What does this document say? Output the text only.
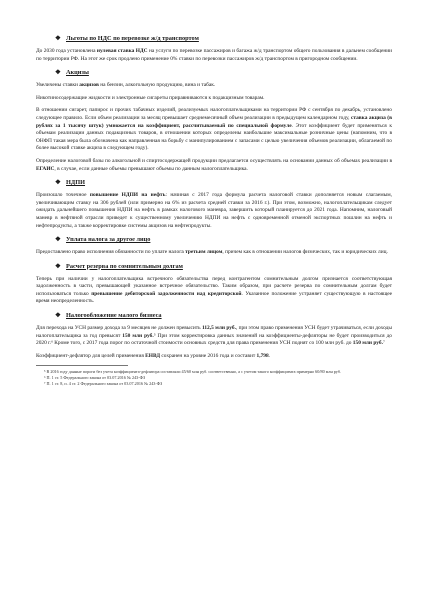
❖ Льготы по НДС по перевозке ж/д транспортом

До 2030 года установлена нулевая ставка НДС на услуги по перевозке пассажиров и багажа ж/д транспортом общего пользования в дальнем сообщении по территории РФ. На этот же срок продлено применение 0% ставки по перевозки пассажиров ж/д транспортом в пригородном сообщении.

❖ Акцизы

Увеличены ставки акцизов на бензин, алкогольную продукцию, вина и табак.

Никотиносодержащие жидкости и электронные сигареты приравниваются к подакцизным товарам.

В отношении сигарет, папирос и прочих табачных изделий, реализуемых налогоплательщиками на территории РФ с сентября по декабрь, установлено следующее правило. Если объем реализации за месяц превышает среднемесячный объем реализации в предыдущем календарном году, ставка акциза (в рублях за 1 тысячу штук) умножается на коэффициент, рассчитываемый по специальной формуле. Этот коэффициент будет применяться к объемам реализации данных подакцизных товаров, в отношении которых определены наибольшие максимальные розничные цены (напомним, что в ОНФП такая мера была обозначена как направленная на борьбу с манипулированием с запасами с целью увеличения объемов реализации, облагаемой по более высокой ставке акциза в следующем году).

Определение налоговой базы по алкогольной и спиртосодержащей продукции предлагается осуществлять на основании данных об объемах реализации в ЕГАИС, в случае, если данные объемы превышают объемы по данным налогоплательщика.

❖ НДПИ

Произошло точечное повышение НДПИ на нефть: начиная с 2017 года формула расчета налоговой ставки дополняется новым слагаемым, увеличивающим ставку на 306 рублей (или примерно на 6% из расчета средней ставки за 2016 г.). При этом, возможно, налогоплательщикам следует ожидать дальнейшего повышения НДПИ на нефть в рамках налогового маневра, завершить который планируется до 2021 года. Напомним, налоговый маневр в нефтяной отрасли приведет к существенному увеличению НДПИ на нефть с одновременной отменой экспортных пошлин на нефть и нефтепродукты, а также корректировке системы акцизов на нефтепродукты.

❖ Уплата налога за другое лицо

Предоставлено право исполнения обязанности по уплате налога третьим лицом, причем как в отношении налогов физических, так и юридических лиц.

❖ Расчет резерва по сомнительным долгам

Теперь при наличии у налогоплательщика встречного обязательства перед контрагентом сомнительным долгом признается соответствующая задолженность в части, превышающей указанное встречное обязательство. Таким образом, при расчете резерва по сомнительным долгам будет использоваться только превышение дебиторской задолженности над кредиторской. Указанное положение устраняет существующую в настоящее время неопределенность.

❖ Налогообложение малого бизнеса

Для перехода на УСН размер дохода за 9 месяцев не должен превысить 112,5 млн руб., при этом право применения УСН будет утрачиваться, если доходы налогоплательщика за год превысят 150 млн руб.⁵ При этом корректировка данных значений на коэффициенты-дефляторы не будет производиться до 2020 г.⁶ Кроме того, с 2017 года порог по остаточной стоимости основных средств для права применения УСН поднят со 100 млн руб. до 150 млн руб.⁷

Коэффициент-дефлятор для целей применения ЕНВД сохранен на уровне 2016 года и составит 1,798.

⁵ В 2016 году данные пороги без учета коэффициента-дефлятора составляли 45/60 млн руб. соответственно, а с учетом такого коэффициента примерно 60/80 млн руб.
⁶ П. 1 ст. 5 Федерального закона от 03.07.2016 № 243-ФЗ
⁷ П. 1 ст. 8, п. 4 ст. 2 Федерального закона от 03.07.2016 № 243-ФЗ
